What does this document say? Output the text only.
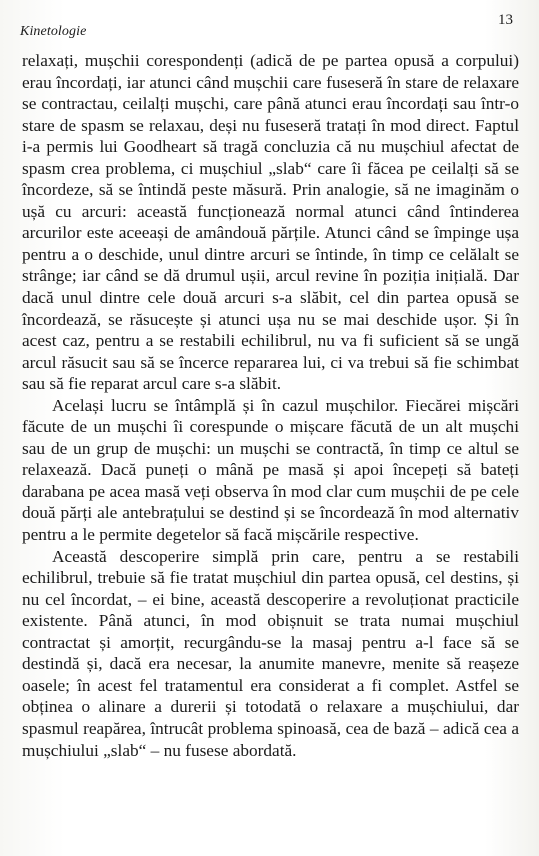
Kinetologie
13

relaxați, mușchii corespondenți (adică de pe partea opusă a corpului) erau încordați, iar atunci când mușchii care fuseseră în stare de relaxare se contractau, ceilalți mușchi, care până atunci erau încordați sau într-o stare de spasm se relaxau, deși nu fuseseră tratați în mod direct. Faptul i-a permis lui Goodheart să tragă concluzia că nu mușchiul afectat de spasm crea problema, ci mușchiul „slab“ care îi făcea pe ceilalți să se încordeze, să se întindă peste măsură. Prin analogie, să ne imaginăm o ușă cu arcuri: această funcționează normal atunci când întinderea arcurilor este aceeași de amândouă părțile. Atunci când se împinge ușa pentru a o deschide, unul dintre arcuri se întinde, în timp ce celălalt se strânge; iar când se dă drumul ușii, arcul revine în poziția inițială. Dar dacă unul dintre cele două arcuri s-a slăbit, cel din partea opusă se încordează, se răsucește și atunci ușa nu se mai deschide ușor. Și în acest caz, pentru a se restabili echilibrul, nu va fi suficient să se ungă arcul răsucit sau să se încerce repararea lui, ci va trebui să fie schimbat sau să fie reparat arcul care s-a slăbit.

Același lucru se întâmplă și în cazul mușchilor. Fiecărei mișcări făcute de un mușchi îi corespunde o mișcare făcută de un alt mușchi sau de un grup de mușchi: un mușchi se contractă, în timp ce altul se relaxează. Dacă puneți o mână pe masă și apoi începeți să bateți darabana pe acea masă veți observa în mod clar cum mușchii de pe cele două părți ale antebrațului se destind și se încordează în mod alternativ pentru a le permite degetelor să facă mișcările respective.

Această descoperire simplă prin care, pentru a se restabili echilibrul, trebuie să fie tratat mușchiul din partea opusă, cel destins, și nu cel încordat, – ei bine, această descoperire a revoluționat practicile existente. Până atunci, în mod obișnuit se trata numai mușchiul contractat și amorțit, recurgându-se la masaj pentru a-l face să se destindă și, dacă era necesar, la anumite manevre, menite să reașeze oasele; în acest fel tratamentul era considerat a fi complet. Astfel se obținea o alinare a durerii și totodată o relaxare a mușchiului, dar spasmul reapărea, întrucât problema spinoasă, cea de bază – adică cea a mușchiului „slab“ – nu fusese abordată.
